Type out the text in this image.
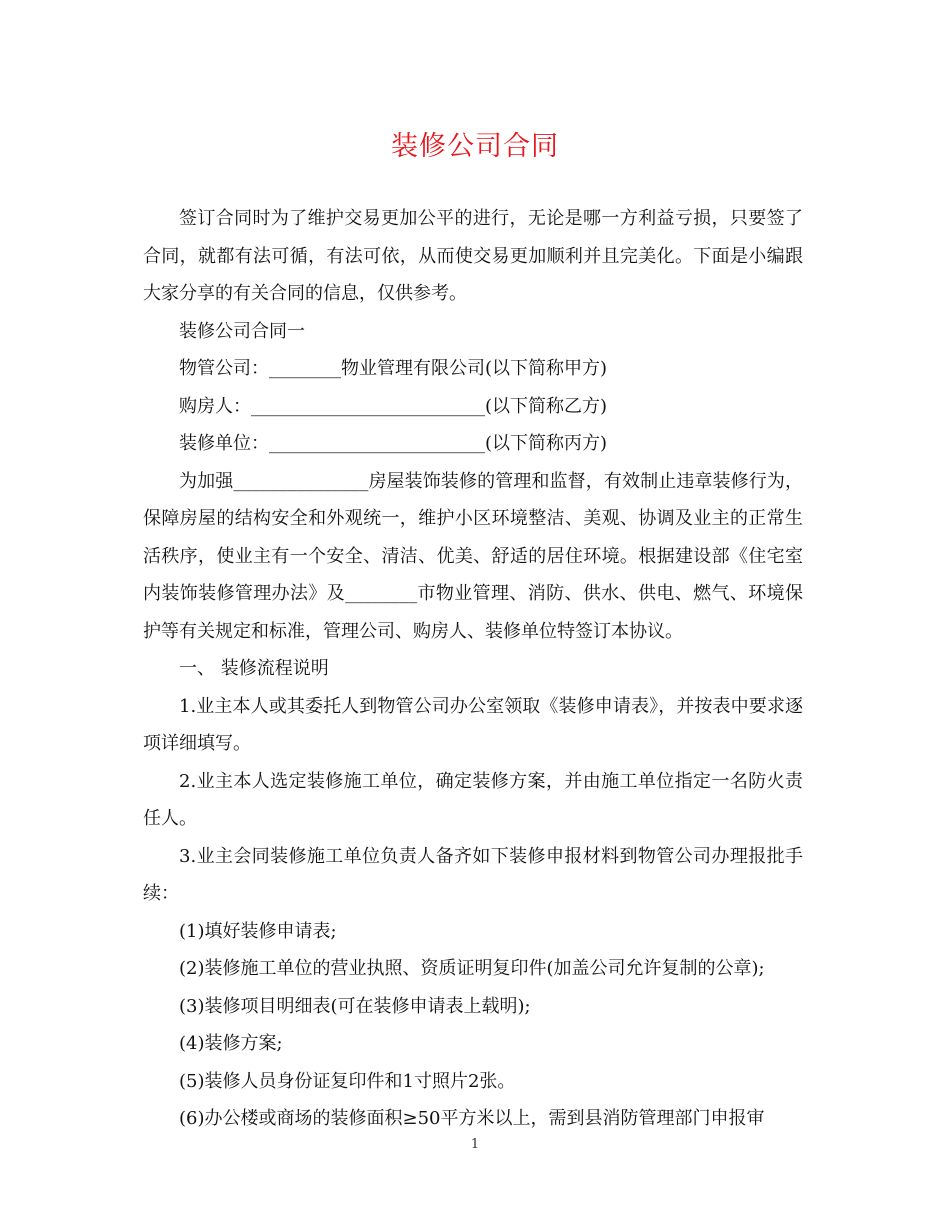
装修公司合同

签订合同时为了维护交易更加公平的进行，无论是哪一方利益亏损，只要签了合同，就都有法可循，有法可依，从而使交易更加顺利并且完美化。下面是小编跟大家分享的有关合同的信息，仅供参考。

装修公司合同一

物管公司：________物业管理有限公司(以下简称甲方)

购房人：__________________________(以下简称乙方)

装修单位：________________________(以下简称丙方)

为加强_______________房屋装饰装修的管理和监督，有效制止违章装修行为，保障房屋的结构安全和外观统一，维护小区环境整洁、美观、协调及业主的正常生活秩序，使业主有一个安全、清洁、优美、舒适的居住环境。根据建设部《住宅室内装饰装修管理办法》及________市物业管理、消防、供水、供电、燃气、环境保护等有关规定和标准，管理公司、购房人、装修单位特签订本协议。

一、 装修流程说明

1.业主本人或其委托人到物管公司办公室领取《装修申请表》，并按表中要求逐项详细填写。

2.业主本人选定装修施工单位，确定装修方案，并由施工单位指定一名防火责任人。

3.业主会同装修施工单位负责人备齐如下装修申报材料到物管公司办理报批手续：

(1)填好装修申请表;

(2)装修施工单位的营业执照、资质证明复印件(加盖公司允许复制的公章);

(3)装修项目明细表(可在装修申请表上载明);

(4)装修方案;

(5)装修人员身份证复印件和1寸照片2张。

(6)办公楼或商场的装修面积≥50平方米以上，需到县消防管理部门申报审

1
